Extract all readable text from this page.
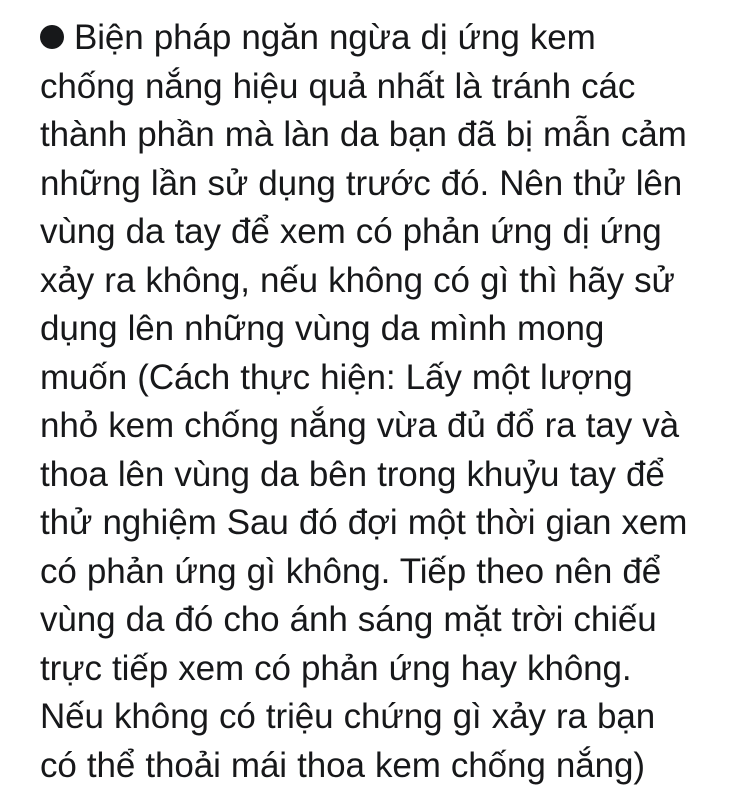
Biện pháp ngăn ngừa dị ứng kem chống nắng hiệu quả nhất là tránh các thành phần mà làn da bạn đã bị mẫn cảm những lần sử dụng trước đó. Nên thử lên vùng da tay để xem có phản ứng dị ứng xảy ra không, nếu không có gì thì hãy sử dụng lên những vùng da mình mong muốn (Cách thực hiện: Lấy một lượng nhỏ kem chống nắng vừa đủ đổ ra tay và thoa lên vùng da bên trong khuỷu tay để thử nghiệm Sau đó đợi một thời gian xem có phản ứng gì không. Tiếp theo nên để vùng da đó cho ánh sáng mặt trời chiếu trực tiếp xem có phản ứng hay không. Nếu không có triệu chứng gì xảy ra bạn có thể thoải mái thoa kem chống nắng)
